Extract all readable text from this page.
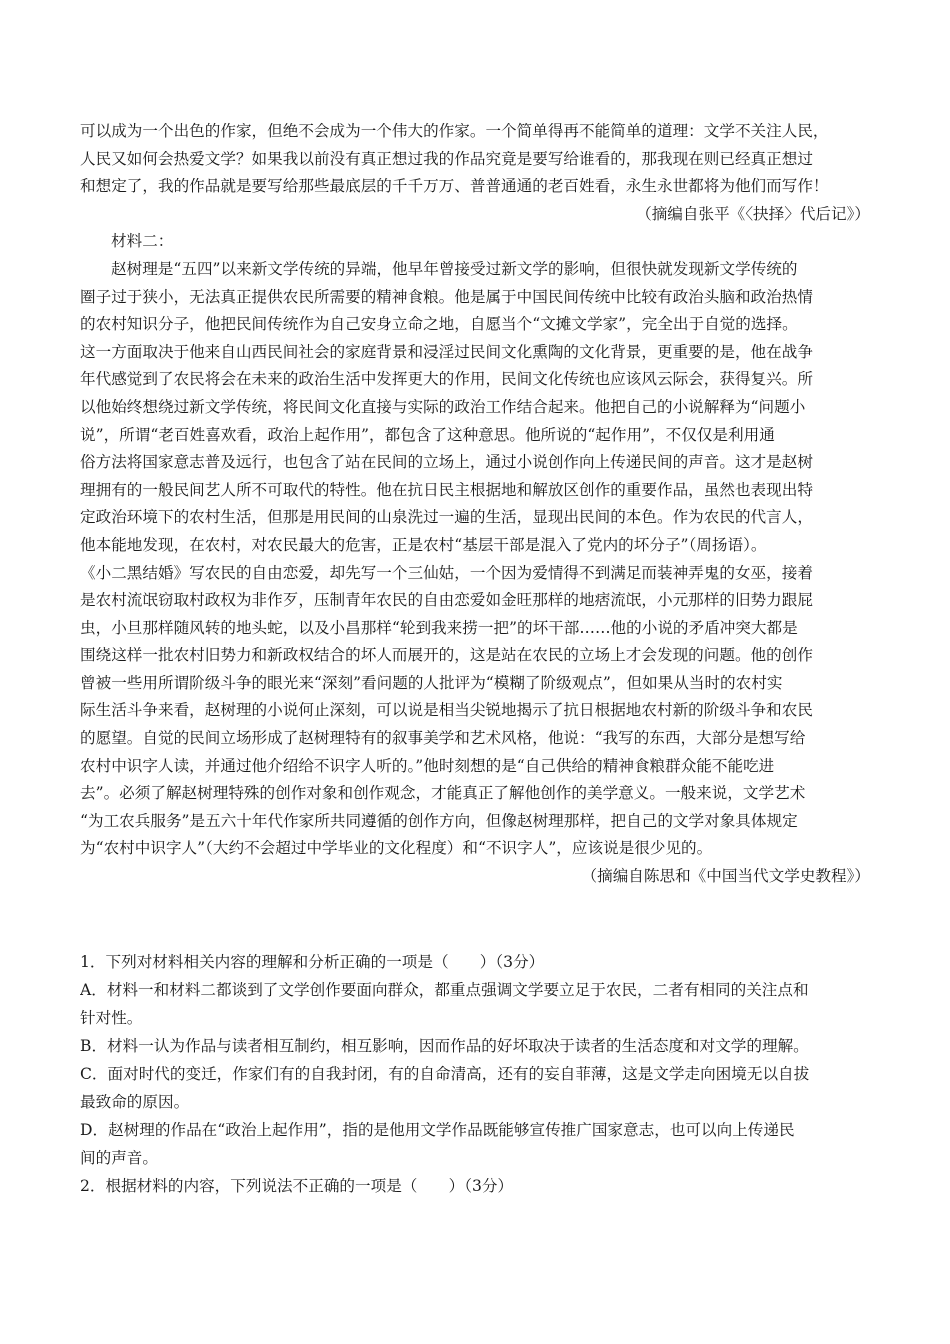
可以成为一个出色的作家，但绝不会成为一个伟大的作家。一个简单得再不能简单的道理：文学不关注人民，

人民又如何会热爱文学？如果我以前没有真正想过我的作品究竟是要写给谁看的，那我现在则已经真正想过

和想定了，我的作品就是要写给那些最底层的千千万万、普普通通的老百姓看，永生永世都将为他们而写作！

（摘编自张平《〈抉择〉代后记》）

材料二：

赵树理是“五四”以来新文学传统的异端，他早年曾接受过新文学的影响，但很快就发现新文学传统的

圈子过于狭小，无法真正提供农民所需要的精神食粮。他是属于中国民间传统中比较有政治头脑和政治热情

的农村知识分子，他把民间传统作为自己安身立命之地，自愿当个“文摊文学家”，完全出于自觉的选择。

这一方面取决于他来自山西民间社会的家庭背景和浸淫过民间文化熏陶的文化背景，更重要的是，他在战争

年代感觉到了农民将会在未来的政治生活中发挥更大的作用，民间文化传统也应该风云际会，获得复兴。所

以他始终想绕过新文学传统，将民间文化直接与实际的政治工作结合起来。他把自己的小说解释为“问题小

说”，所谓“老百姓喜欢看，政治上起作用”，都包含了这种意思。他所说的“起作用”，不仅仅是利用通

俗方法将国家意志普及远行，也包含了站在民间的立场上，通过小说创作向上传递民间的声音。这才是赵树

理拥有的一般民间艺人所不可取代的特性。他在抗日民主根据地和解放区创作的重要作品，虽然也表现出特

定政治环境下的农村生活，但那是用民间的山泉洗过一遍的生活，显现出民间的本色。作为农民的代言人，

他本能地发现，在农村，对农民最大的危害，正是农村“基层干部是混入了党内的坏分子”（周扬语）。

《小二黑结婚》写农民的自由恋爱，却先写一个三仙姑，一个因为爱情得不到满足而装神弄鬼的女巫，接着

是农村流氓窃取村政权为非作歹，压制青年农民的自由恋爱如金旺那样的地痞流氓，小元那样的旧势力跟屁

虫，小旦那样随风转的地头蛇，以及小昌那样“轮到我来捞一把”的坏干部……他的小说的矛盾冲突大都是

围绕这样一批农村旧势力和新政权结合的坏人而展开的，这是站在农民的立场上才会发现的问题。他的创作

曾被一些用所谓阶级斗争的眼光来“深刻”看问题的人批评为“模糊了阶级观点”，但如果从当时的农村实

际生活斗争来看，赵树理的小说何止深刻，可以说是相当尖锐地揭示了抗日根据地农村新的阶级斗争和农民

的愿望。自觉的民间立场形成了赵树理特有的叙事美学和艺术风格，他说：“我写的东西，大部分是想写给

农村中识字人读，并通过他介绍给不识字人听的。”他时刻想的是“自己供给的精神食粮群众能不能吃进

去”。必须了解赵树理特殊的创作对象和创作观念，才能真正了解他创作的美学意义。一般来说，文学艺术

“为工农兵服务”是五六十年代作家所共同遵循的创作方向，但像赵树理那样，把自己的文学对象具体规定

为“农村中识字人”（大约不会超过中学毕业的文化程度）和“不识字人”，应该说是很少见的。

（摘编自陈思和《中国当代文学史教程》）

1．下列对材料相关内容的理解和分析正确的一项是（　　）（3分）

A．材料一和材料二都谈到了文学创作要面向群众，都重点强调文学要立足于农民，二者有相同的关注点和

针对性。

B．材料一认为作品与读者相互制约，相互影响，因而作品的好坏取决于读者的生活态度和对文学的理解。

C．面对时代的变迁，作家们有的自我封闭，有的自命清高，还有的妄自菲薄，这是文学走向困境无以自拔

最致命的原因。

D．赵树理的作品在“政治上起作用”，指的是他用文学作品既能够宣传推广国家意志，也可以向上传递民

间的声音。

2．根据材料的内容，下列说法不正确的一项是（　　）（3分）
